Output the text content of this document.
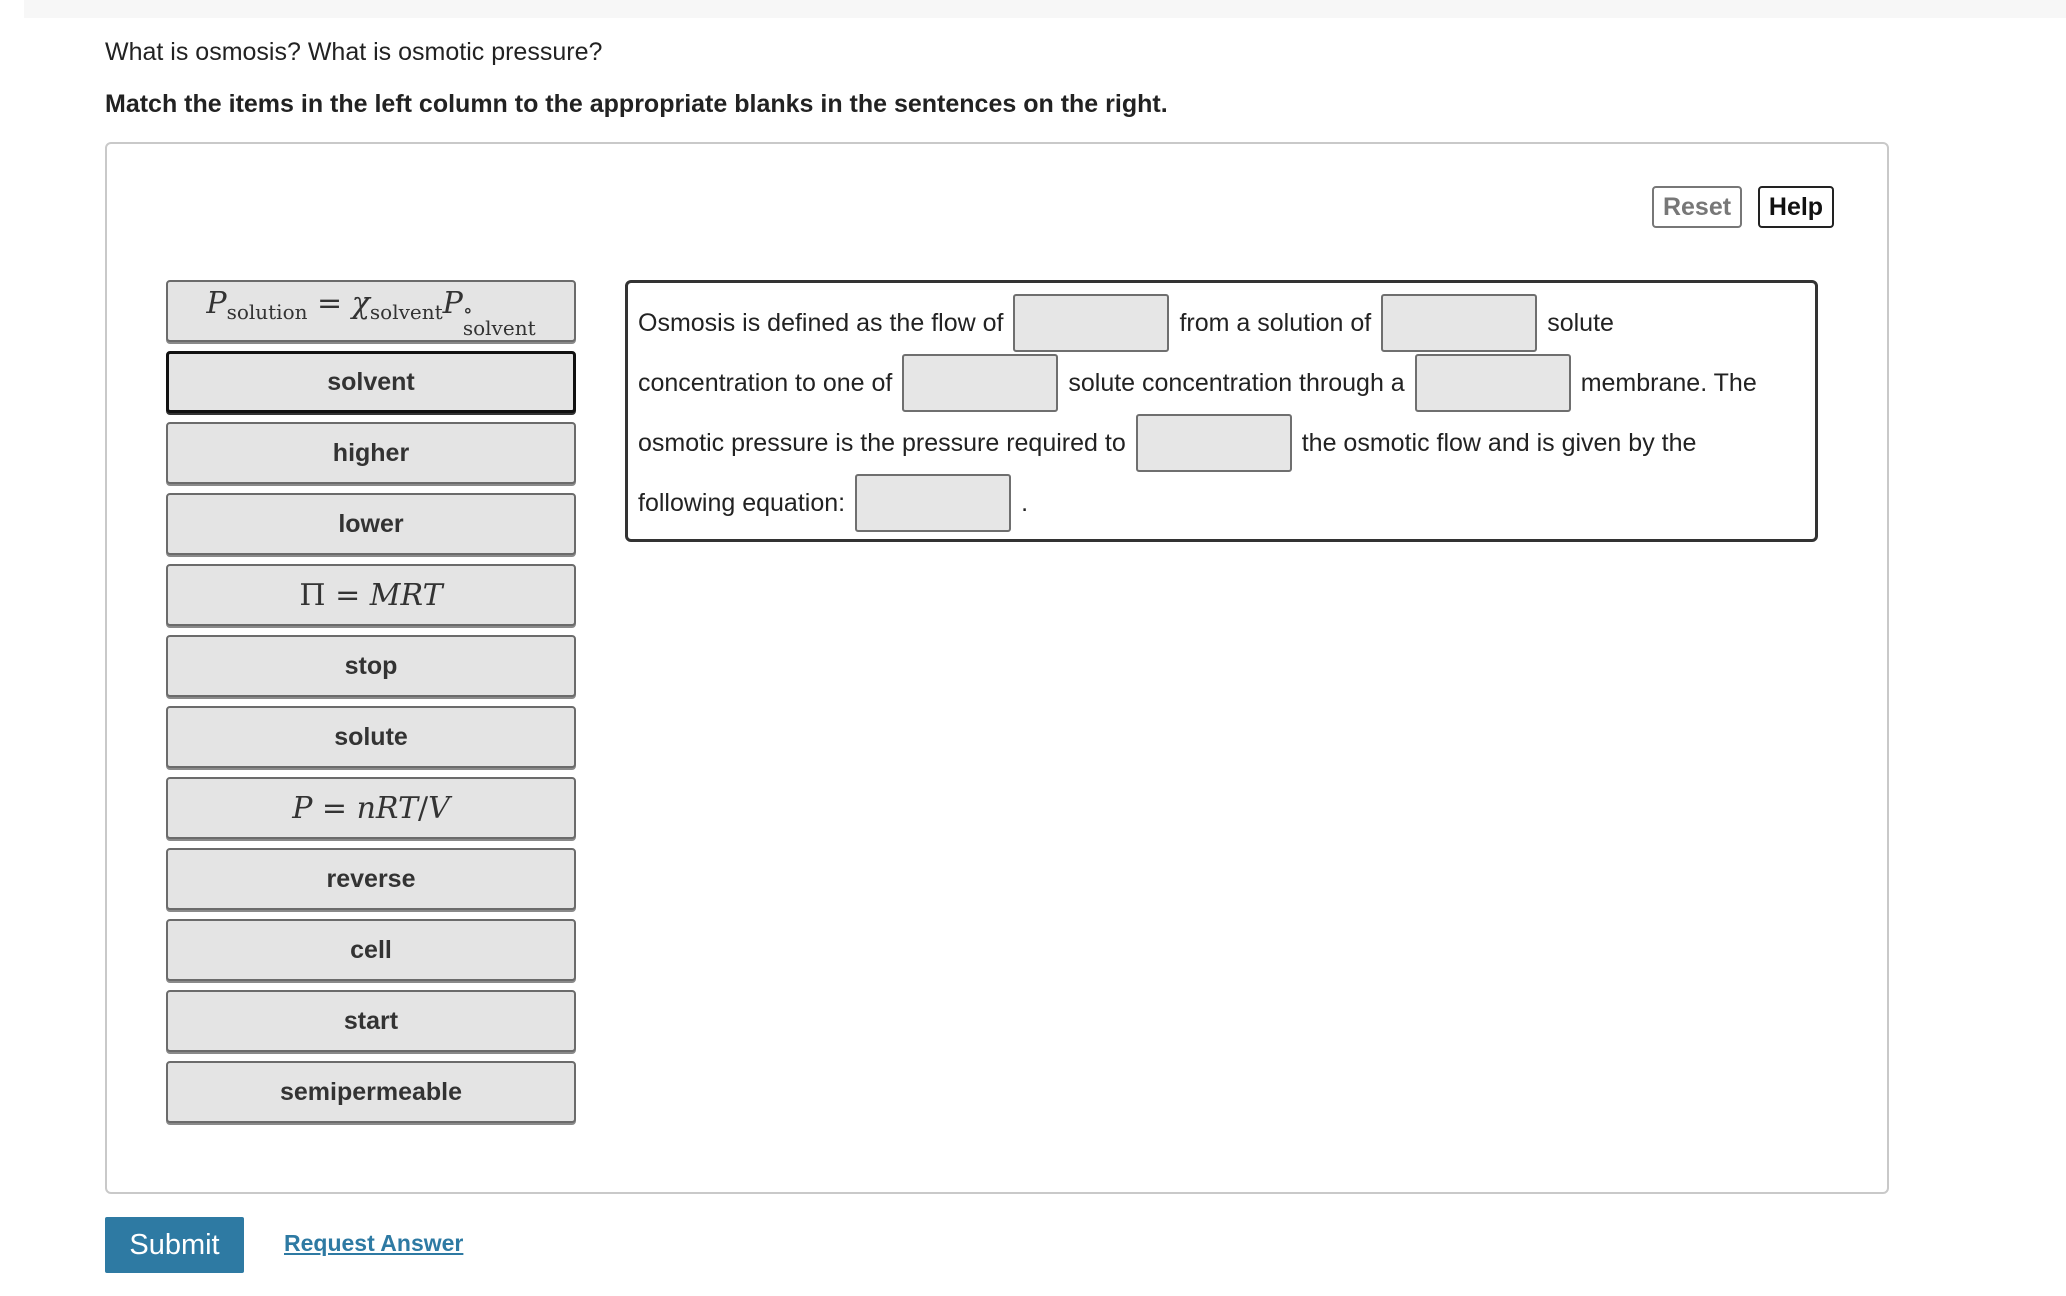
What is osmosis? What is osmotic pressure?
Match the items in the left column to the appropriate blanks in the sentences on the right.
Reset	Help
$P_{solution} = \chi_{solvent}P$ ∘
solvent
solvent
higher
lower
Π = MRT
stop
solute
P = nRT/V
reverse
cell
start
semipermeable
Osmosis is defined as the flow of	from a solution of	solute
concentration to one of	solute concentration through a	membrane. The
osmotic pressure is the pressure required to	the osmotic flow and is given by the
following equation:	.
Submit	Request Answer
